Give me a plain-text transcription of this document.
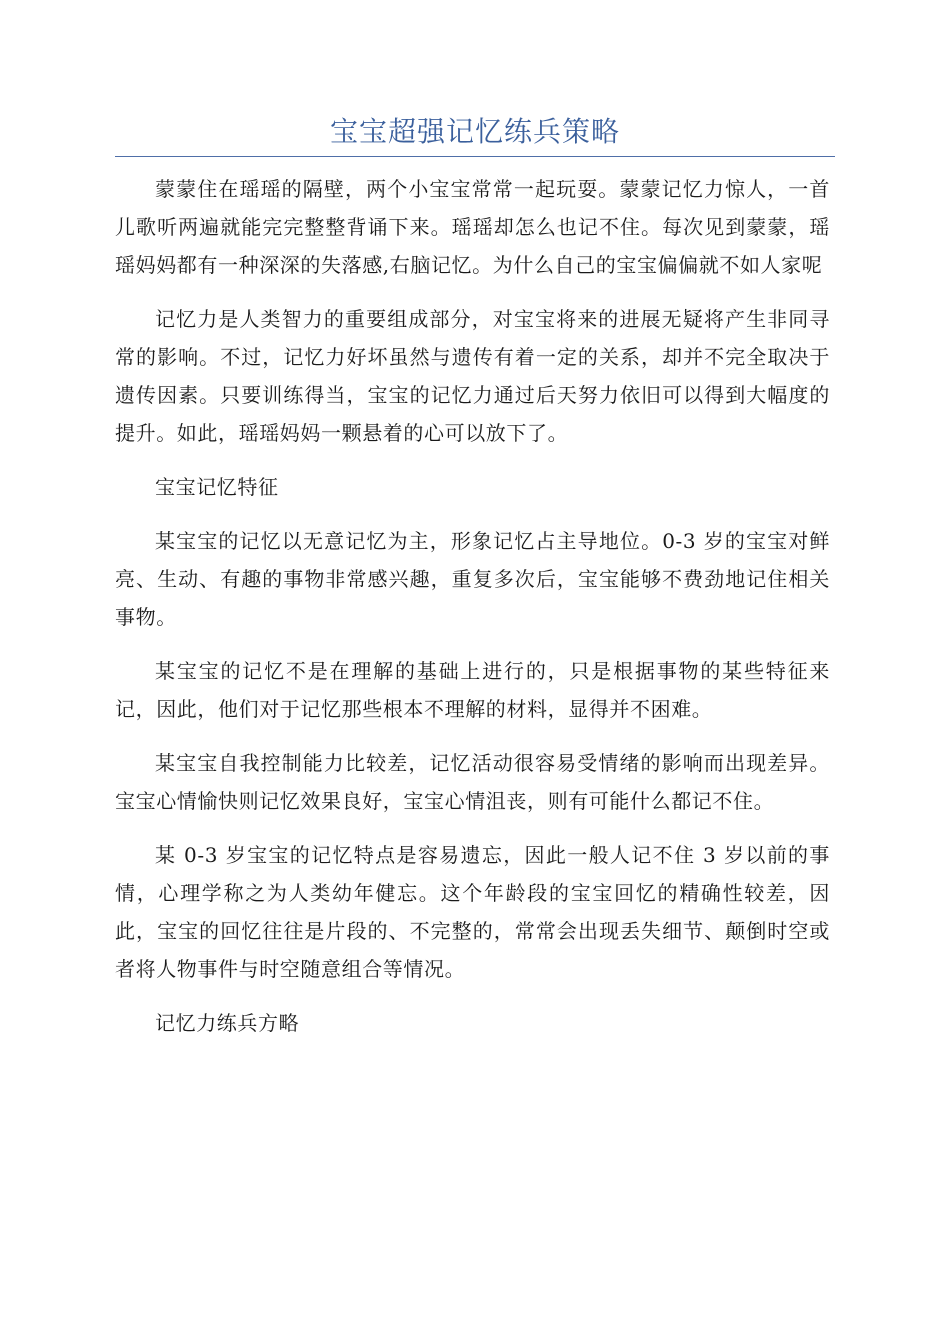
宝宝超强记忆练兵策略

蒙蒙住在瑶瑶的隔壁，两个小宝宝常常一起玩耍。蒙蒙记忆力惊人，一首儿歌听两遍就能完完整整背诵下来。瑶瑶却怎么也记不住。每次见到蒙蒙，瑶瑶妈妈都有一种深深的失落感,右脑记忆。为什么自己的宝宝偏偏就不如人家呢

记忆力是人类智力的重要组成部分，对宝宝将来的进展无疑将产生非同寻常的影响。不过，记忆力好坏虽然与遗传有着一定的关系，却并不完全取决于遗传因素。只要训练得当，宝宝的记忆力通过后天努力依旧可以得到大幅度的提升。如此，瑶瑶妈妈一颗悬着的心可以放下了。

宝宝记忆特征

某宝宝的记忆以无意记忆为主，形象记忆占主导地位。0-3 岁的宝宝对鲜亮、生动、有趣的事物非常感兴趣，重复多次后，宝宝能够不费劲地记住相关事物。

某宝宝的记忆不是在理解的基础上进行的，只是根据事物的某些特征来记，因此，他们对于记忆那些根本不理解的材料，显得并不困难。

某宝宝自我控制能力比较差，记忆活动很容易受情绪的影响而出现差异。宝宝心情愉快则记忆效果良好，宝宝心情沮丧，则有可能什么都记不住。

某 0-3 岁宝宝的记忆特点是容易遗忘，因此一般人记不住 3 岁以前的事情，心理学称之为人类幼年健忘。这个年龄段的宝宝回忆的精确性较差，因此，宝宝的回忆往往是片段的、不完整的，常常会出现丢失细节、颠倒时空或者将人物事件与时空随意组合等情况。

记忆力练兵方略
